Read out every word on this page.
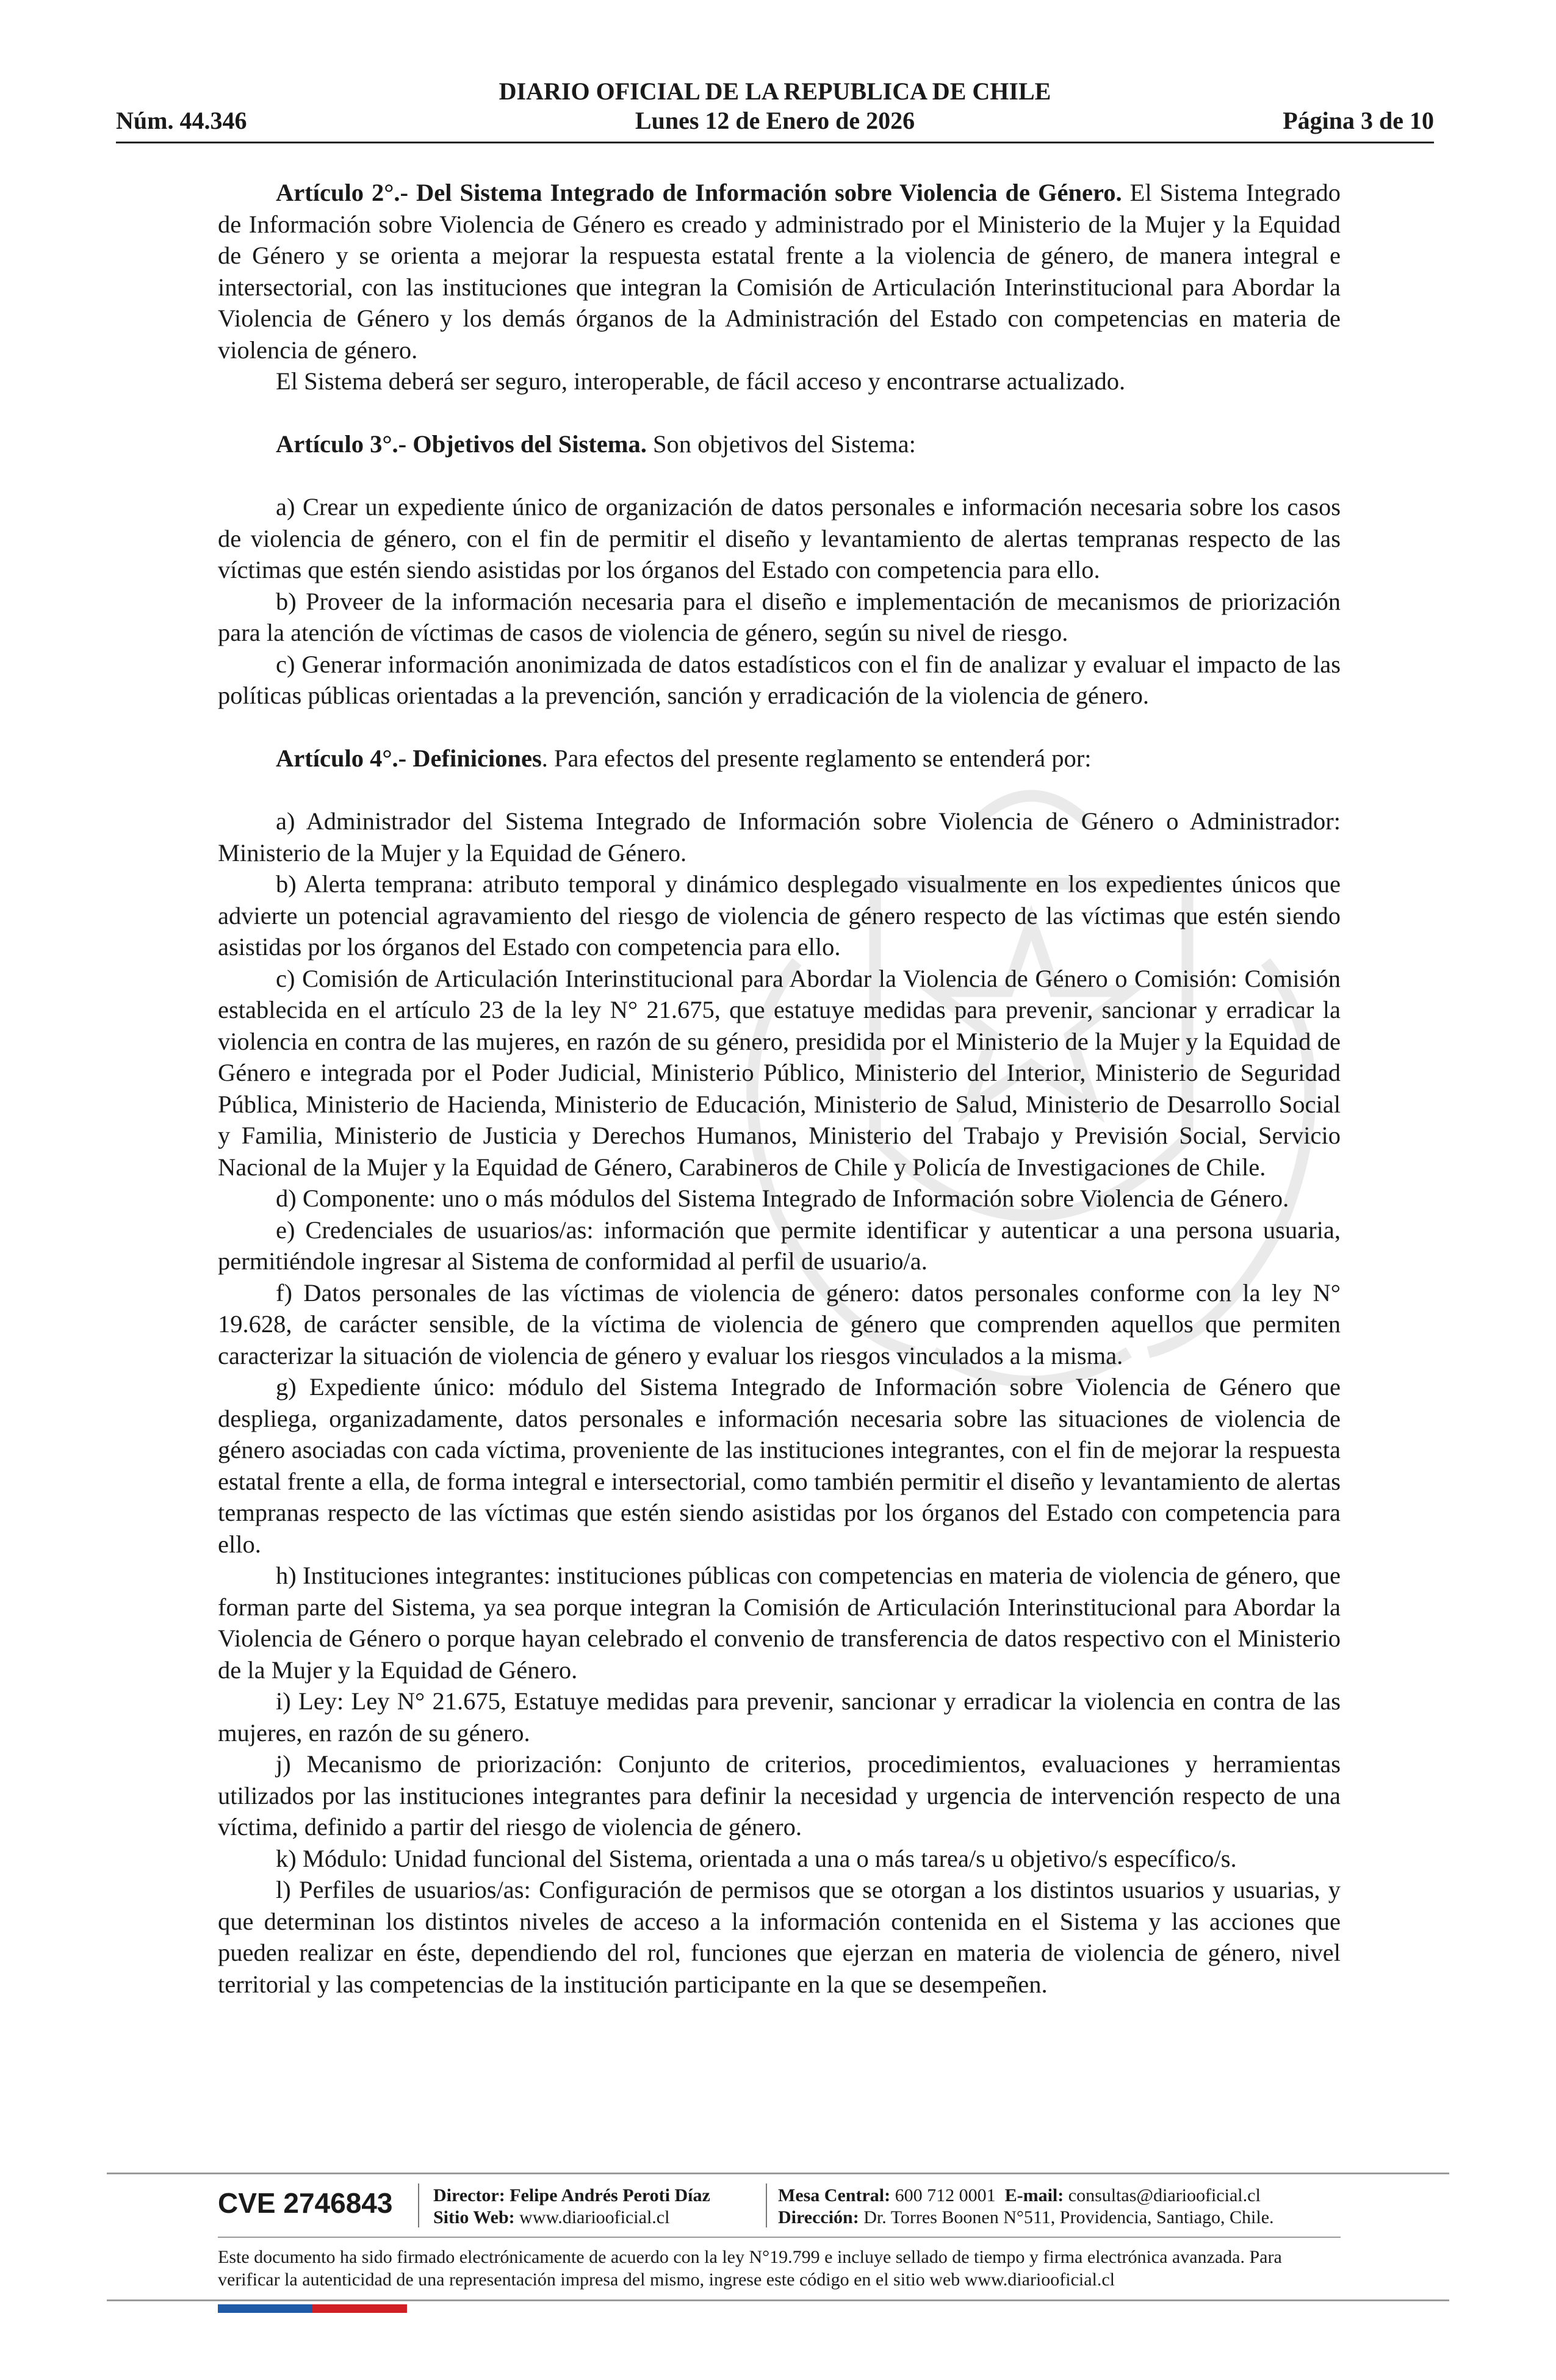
DIARIO OFICIAL DE LA REPUBLICA DE CHILE
Núm. 44.346	Lunes 12 de Enero de 2026	Página 3 de 10

Artículo 2°.- Del Sistema Integrado de Información sobre Violencia de Género. El Sistema Integrado de Información sobre Violencia de Género es creado y administrado por el Ministerio de la Mujer y la Equidad de Género y se orienta a mejorar la respuesta estatal frente a la violencia de género, de manera integral e intersectorial, con las instituciones que integran la Comisión de Articulación Interinstitucional para Abordar la Violencia de Género y los demás órganos de la Administración del Estado con competencias en materia de violencia de género.

El Sistema deberá ser seguro, interoperable, de fácil acceso y encontrarse actualizado.

Artículo 3°.- Objetivos del Sistema. Son objetivos del Sistema:

a) Crear un expediente único de organización de datos personales e información necesaria sobre los casos de violencia de género, con el fin de permitir el diseño y levantamiento de alertas tempranas respecto de las víctimas que estén siendo asistidas por los órganos del Estado con competencia para ello.

b) Proveer de la información necesaria para el diseño e implementación de mecanismos de priorización para la atención de víctimas de casos de violencia de género, según su nivel de riesgo.

c) Generar información anonimizada de datos estadísticos con el fin de analizar y evaluar el impacto de las políticas públicas orientadas a la prevención, sanción y erradicación de la violencia de género.

Artículo 4°.- Definiciones. Para efectos del presente reglamento se entenderá por:

a) Administrador del Sistema Integrado de Información sobre Violencia de Género o Administrador: Ministerio de la Mujer y la Equidad de Género.

b) Alerta temprana: atributo temporal y dinámico desplegado visualmente en los expedientes únicos que advierte un potencial agravamiento del riesgo de violencia de género respecto de las víctimas que estén siendo asistidas por los órganos del Estado con competencia para ello.

c) Comisión de Articulación Interinstitucional para Abordar la Violencia de Género o Comisión: Comisión establecida en el artículo 23 de la ley N° 21.675, que estatuye medidas para prevenir, sancionar y erradicar la violencia en contra de las mujeres, en razón de su género, presidida por el Ministerio de la Mujer y la Equidad de Género e integrada por el Poder Judicial, Ministerio Público, Ministerio del Interior, Ministerio de Seguridad Pública, Ministerio de Hacienda, Ministerio de Educación, Ministerio de Salud, Ministerio de Desarrollo Social y Familia, Ministerio de Justicia y Derechos Humanos, Ministerio del Trabajo y Previsión Social, Servicio Nacional de la Mujer y la Equidad de Género, Carabineros de Chile y Policía de Investigaciones de Chile.

d) Componente: uno o más módulos del Sistema Integrado de Información sobre Violencia de Género.

e) Credenciales de usuarios/as: información que permite identificar y autenticar a una persona usuaria, permitiéndole ingresar al Sistema de conformidad al perfil de usuario/a.

f) Datos personales de las víctimas de violencia de género: datos personales conforme con la ley N° 19.628, de carácter sensible, de la víctima de violencia de género que comprenden aquellos que permiten caracterizar la situación de violencia de género y evaluar los riesgos vinculados a la misma.

g) Expediente único: módulo del Sistema Integrado de Información sobre Violencia de Género que despliega, organizadamente, datos personales e información necesaria sobre las situaciones de violencia de género asociadas con cada víctima, proveniente de las instituciones integrantes, con el fin de mejorar la respuesta estatal frente a ella, de forma integral e intersectorial, como también permitir el diseño y levantamiento de alertas tempranas respecto de las víctimas que estén siendo asistidas por los órganos del Estado con competencia para ello.

h) Instituciones integrantes: instituciones públicas con competencias en materia de violencia de género, que forman parte del Sistema, ya sea porque integran la Comisión de Articulación Interinstitucional para Abordar la Violencia de Género o porque hayan celebrado el convenio de transferencia de datos respectivo con el Ministerio de la Mujer y la Equidad de Género.

i) Ley: Ley N° 21.675, Estatuye medidas para prevenir, sancionar y erradicar la violencia en contra de las mujeres, en razón de su género.

j) Mecanismo de priorización: Conjunto de criterios, procedimientos, evaluaciones y herramientas utilizados por las instituciones integrantes para definir la necesidad y urgencia de intervención respecto de una víctima, definido a partir del riesgo de violencia de género.

k) Módulo: Unidad funcional del Sistema, orientada a una o más tarea/s u objetivo/s específico/s.

l) Perfiles de usuarios/as: Configuración de permisos que se otorgan a los distintos usuarios y usuarias, y que determinan los distintos niveles de acceso a la información contenida en el Sistema y las acciones que pueden realizar en éste, dependiendo del rol, funciones que ejerzan en materia de violencia de género, nivel territorial y las competencias de la institución participante en la que se desempeñen.

CVE 2746843 Director: Felipe Andrés Peroti Díaz
Sitio Web: www.diariooficial.cl
Mesa Central: 600 712 0001 E-mail: consultas@diariooficial.cl
Dirección: Dr. Torres Boonen N°511, Providencia, Santiago, Chile.
Este documento ha sido firmado electrónicamente de acuerdo con la ley N°19.799 e incluye sellado de tiempo y firma electrónica avanzada. Para verificar la autenticidad de una representación impresa del mismo, ingrese este código en el sitio web www.diariooficial.cl
